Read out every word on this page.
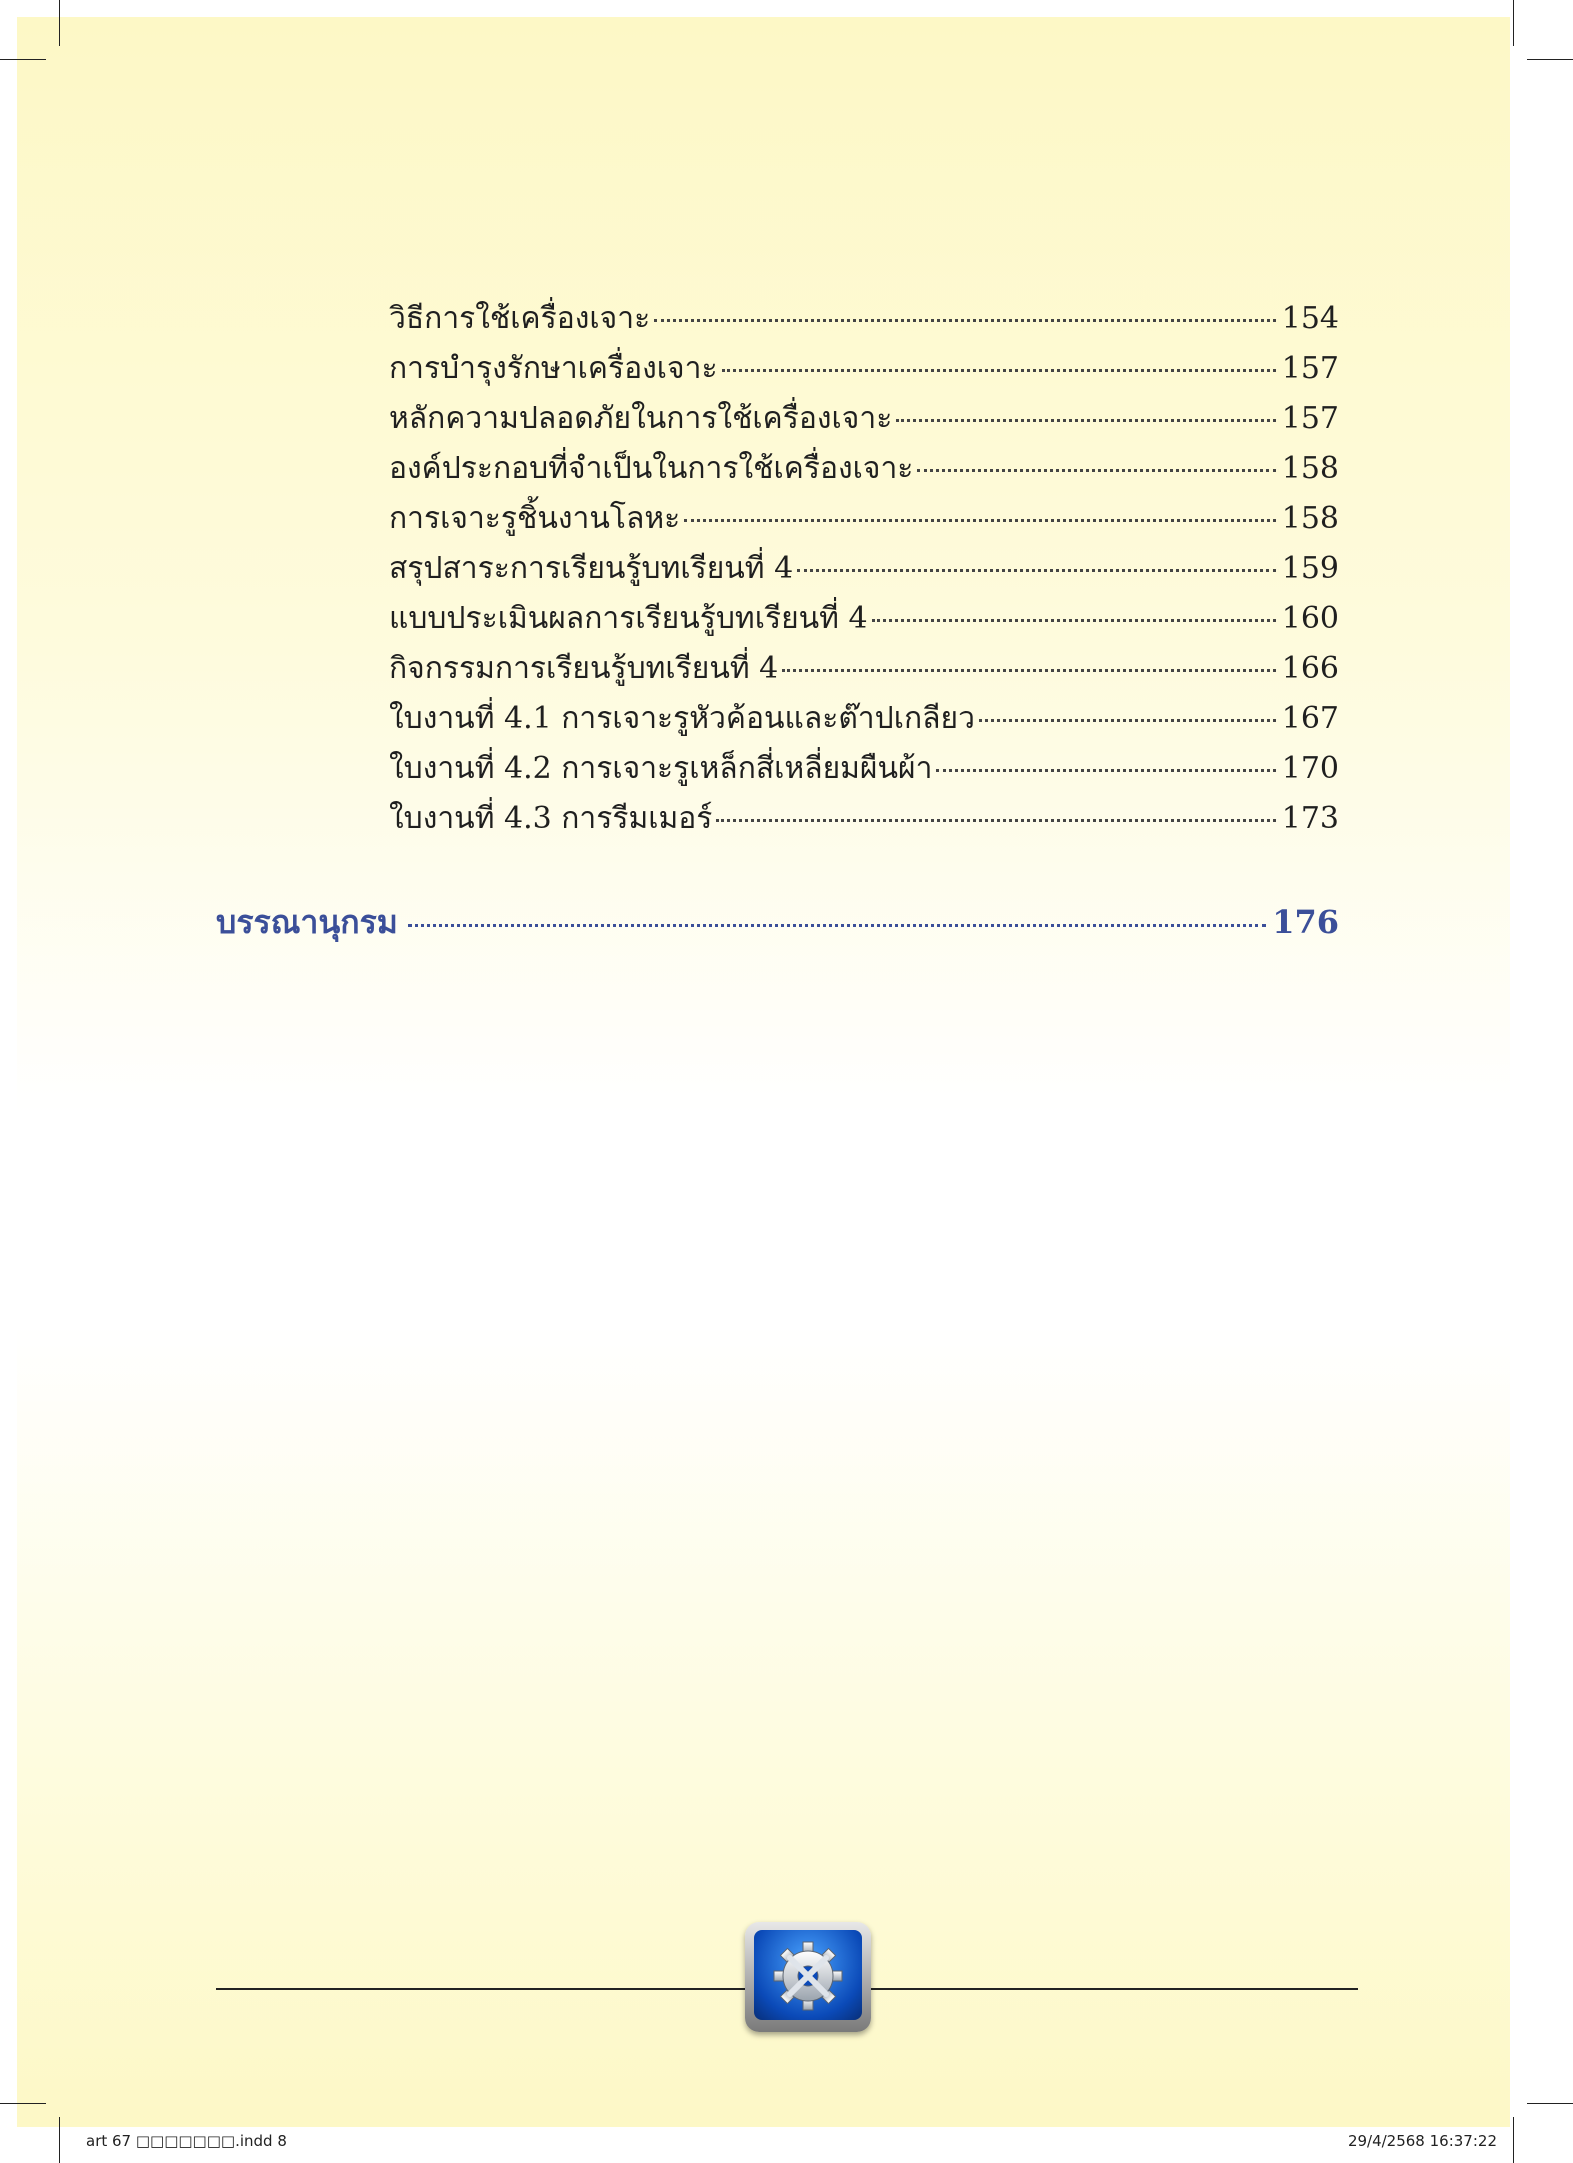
วิธีการใช้เครื่องเจาะ	154
การบำรุงรักษาเครื่องเจาะ	157
หลักความปลอดภัยในการใช้เครื่องเจาะ	157
องค์ประกอบที่จำเป็นในการใช้เครื่องเจาะ	158
การเจาะรูชิ้นงานโลหะ	158
สรุปสาระการเรียนรู้บทเรียนที่ 4	159
แบบประเมินผลการเรียนรู้บทเรียนที่ 4	160
กิจกรรมการเรียนรู้บทเรียนที่ 4	166
ใบงานที่ 4.1 การเจาะรูหัวค้อนและต๊าปเกลียว	167
ใบงานที่ 4.2 การเจาะรูเหล็กสี่เหลี่ยมผืนผ้า	170
ใบงานที่ 4.3 การรีมเมอร์	173
บรรณานุกรม	176
art 67 □□□□□□□.indd 8	29/4/2568 16:37:22
